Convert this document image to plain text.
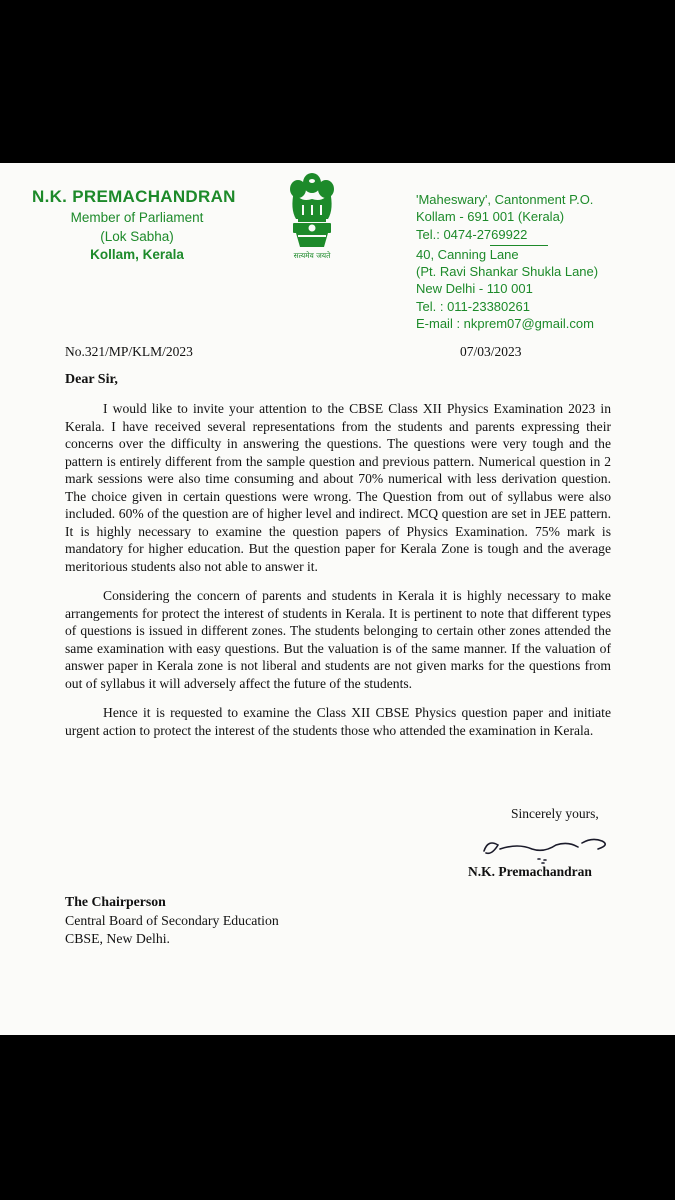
N.K. PREMACHANDRAN
Member of Parliament
(Lok Sabha)
Kollam, Kerala	सत्यमेव जयते
'Maheswary', Cantonment P.O.
Kollam - 691 001 (Kerala)
Tel.: 0474-2769922
40, Canning Lane
(Pt. Ravi Shankar Shukla Lane)
New Delhi - 110 001
Tel. : 011-23380261
E-mail : nkprem07@gmail.com
No.321/MP/KLM/2023	07/03/2023
Dear Sir,

I would like to invite your attention to the CBSE Class XII Physics Examination 2023 in Kerala. I have received several representations from the students and parents expressing their concerns over the difficulty in answering the questions. The questions were very tough and the pattern is entirely different from the sample question and previous pattern. Numerical question in 2 mark sessions were also time consuming and about 70% numerical with less derivation question. The choice given in certain questions were wrong. The Question from out of syllabus were also included. 60% of the question are of higher level and indirect. MCQ question are set in JEE pattern. It is highly necessary to examine the question papers of Physics Examination. 75% mark is mandatory for higher education. But the question paper for Kerala Zone is tough and the average meritorious students also not able to answer it.

Considering the concern of parents and students in Kerala it is highly necessary to make arrangements for protect the interest of students in Kerala. It is pertinent to note that different types of questions is issued in different zones. The students belonging to certain other zones attended the same examination with easy questions. But the valuation is of the same manner. If the valuation of answer paper in Kerala zone is not liberal and students are not given marks for the questions from out of syllabus it will adversely affect the future of the students.

Hence it is requested to examine the Class XII CBSE Physics question paper and initiate urgent action to protect the interest of the students those who attended the examination in Kerala.

Sincerely yours,
N.K. Premachandran
The Chairperson
Central Board of Secondary Education
CBSE, New Delhi.
